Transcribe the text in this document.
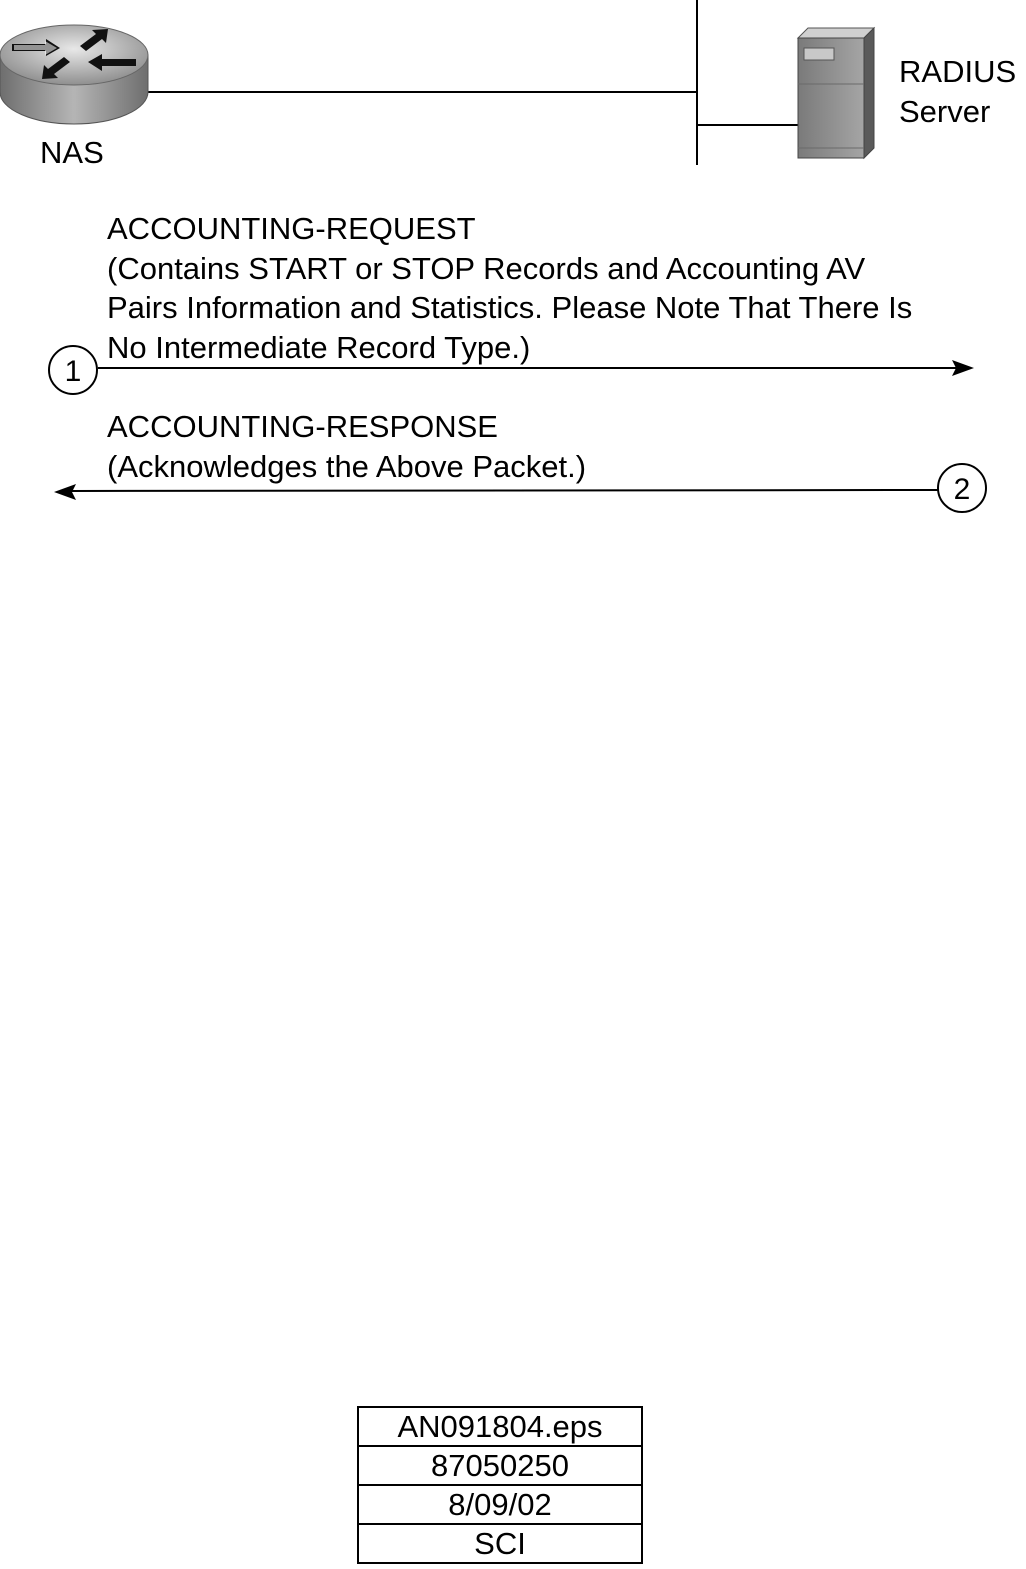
1
2
NAS
RADIUS
Server
ACCOUNTING-REQUEST
(Contains START or STOP Records and Accounting AV
Pairs Information and Statistics. Please Note That There Is
No Intermediate Record Type.)
ACCOUNTING-RESPONSE
(Acknowledges the Above Packet.)
AN091804.eps
87050250
8/09/02
SCI
